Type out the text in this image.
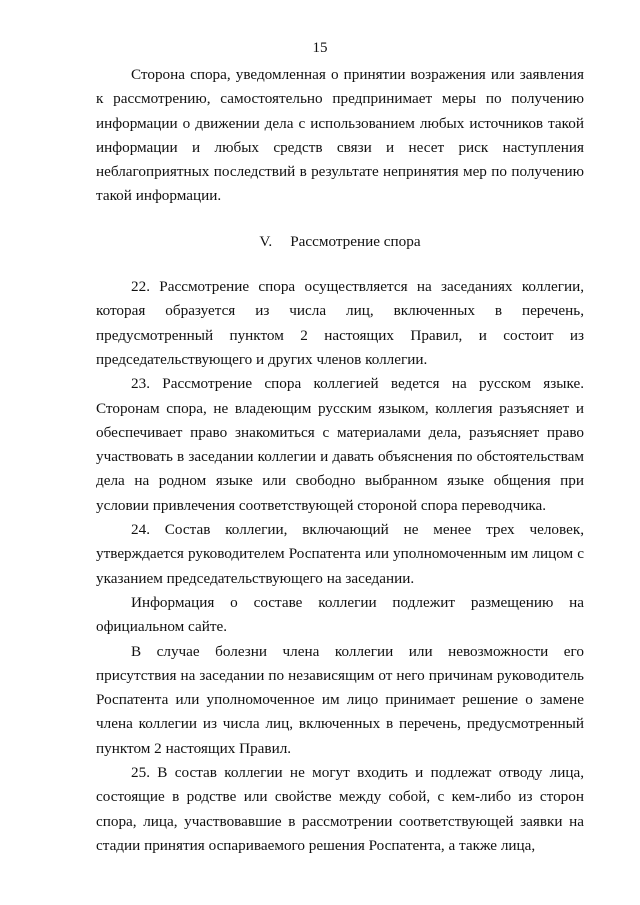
15

Сторона спора, уведомленная о принятии возражения или заявления к рассмотрению, самостоятельно предпринимает меры по получению информации о движении дела с использованием любых источников такой информации и любых средств связи и несет риск наступления неблагоприятных последствий в результате непринятия мер по получению такой информации.

V. Рассмотрение спора

22. Рассмотрение спора осуществляется на заседаниях коллегии, которая образуется из числа лиц, включенных в перечень, предусмотренный пунктом 2 настоящих Правил, и состоит из председательствующего и других членов коллегии.

23. Рассмотрение спора коллегией ведется на русском языке. Сторонам спора, не владеющим русским языком, коллегия разъясняет и обеспечивает право знакомиться с материалами дела, разъясняет право участвовать в заседании коллегии и давать объяснения по обстоятельствам дела на родном языке или свободно выбранном языке общения при условии привлечения соответствующей стороной спора переводчика.

24. Состав коллегии, включающий не менее трех человек, утверждается руководителем Роспатента или уполномоченным им лицом с указанием председательствующего на заседании.

Информация о составе коллегии подлежит размещению на официальном сайте.

В случае болезни члена коллегии или невозможности его присутствия на заседании по независящим от него причинам руководитель Роспатента или уполномоченное им лицо принимает решение о замене члена коллегии из числа лиц, включенных в перечень, предусмотренный пунктом 2 настоящих Правил.

25. В состав коллегии не могут входить и подлежат отводу лица, состоящие в родстве или свойстве между собой, с кем-либо из сторон спора, лица, участвовавшие в рассмотрении соответствующей заявки на стадии принятия оспариваемого решения Роспатента, а также лица,
